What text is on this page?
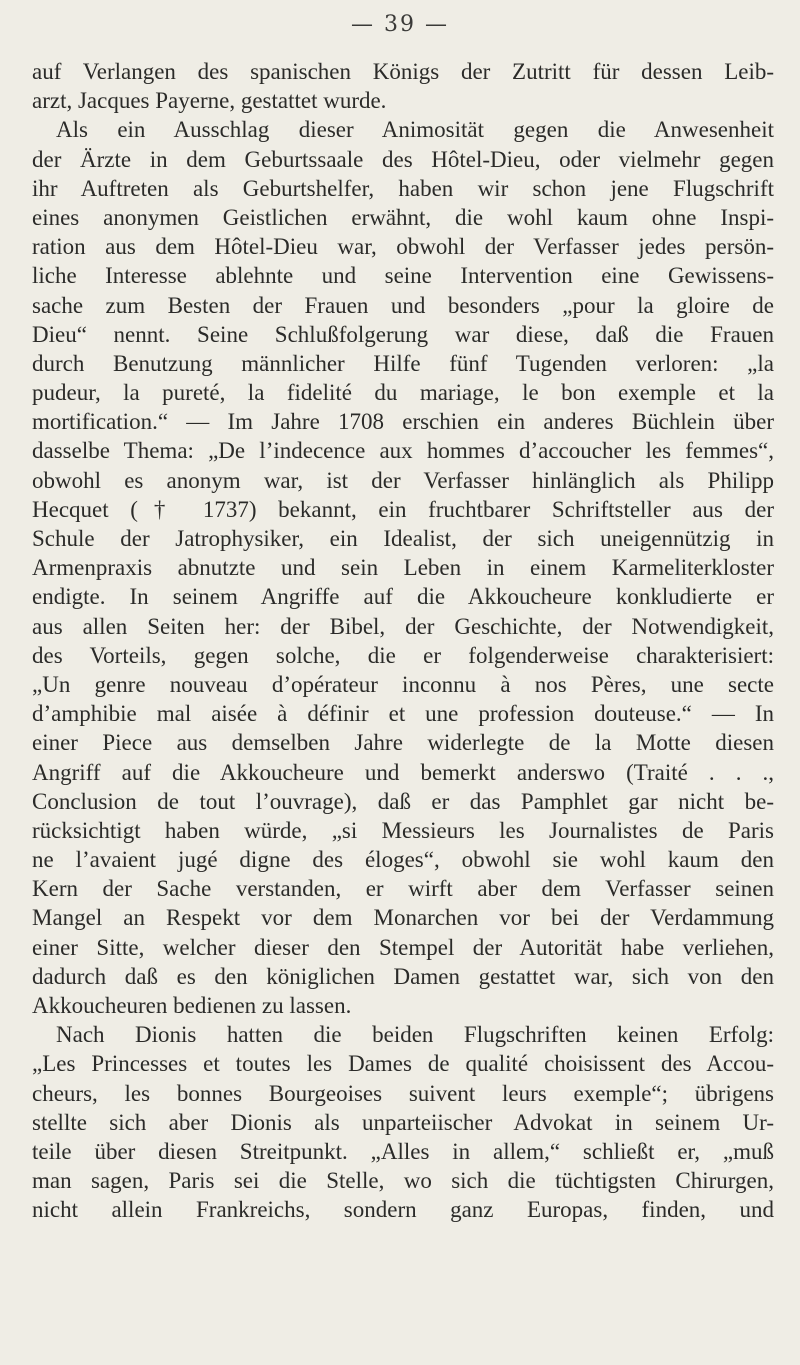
— 39 —
auf Verlangen des spanischen Königs der Zutritt für dessen Leib-
arzt, Jacques Payerne, gestattet wurde.
Als ein Ausschlag dieser Animosität gegen die Anwesenheit
der Ärzte in dem Geburtssaale des Hôtel-Dieu, oder vielmehr gegen
ihr Auftreten als Geburtshelfer, haben wir schon jene Flugschrift
eines anonymen Geistlichen erwähnt, die wohl kaum ohne Inspi-
ration aus dem Hôtel-Dieu war, obwohl der Verfasser jedes persön-
liche Interesse ablehnte und seine Intervention eine Gewissens-
sache zum Besten der Frauen und besonders „pour la gloire de
Dieu“ nennt. Seine Schlußfolgerung war diese, daß die Frauen
durch Benutzung männlicher Hilfe fünf Tugenden verloren: „la
pudeur, la pureté, la fidelité du mariage, le bon exemple et la
mortification.“ — Im Jahre 1708 erschien ein anderes Büchlein über
dasselbe Thema: „De l’indecence aux hommes d’accoucher les femmes“,
obwohl es anonym war, ist der Verfasser hinlänglich als Philipp
Hecquet († 1737) bekannt, ein fruchtbarer Schriftsteller aus der
Schule der Jatrophysiker, ein Idealist, der sich uneigennützig in
Armenpraxis abnutzte und sein Leben in einem Karmeliterkloster
endigte. In seinem Angriffe auf die Akkoucheure konkludierte er
aus allen Seiten her: der Bibel, der Geschichte, der Notwendigkeit,
des Vorteils, gegen solche, die er folgenderweise charakterisiert:
„Un genre nouveau d’opérateur inconnu à nos Pères, une secte
d’amphibie mal aisée à définir et une profession douteuse.“ — In
einer Piece aus demselben Jahre widerlegte de la Motte diesen
Angriff auf die Akkoucheure und bemerkt anderswo (Traité . . .,
Conclusion de tout l’ouvrage), daß er das Pamphlet gar nicht be-
rücksichtigt haben würde, „si Messieurs les Journalistes de Paris
ne l’avaient jugé digne des éloges“, obwohl sie wohl kaum den
Kern der Sache verstanden, er wirft aber dem Verfasser seinen
Mangel an Respekt vor dem Monarchen vor bei der Verdammung
einer Sitte, welcher dieser den Stempel der Autorität habe verliehen,
dadurch daß es den königlichen Damen gestattet war, sich von den
Akkoucheuren bedienen zu lassen.
Nach Dionis hatten die beiden Flugschriften keinen Erfolg:
„Les Princesses et toutes les Dames de qualité choisissent des Accou-
cheurs, les bonnes Bourgeoises suivent leurs exemple“; übrigens
stellte sich aber Dionis als unparteiischer Advokat in seinem Ur-
teile über diesen Streitpunkt. „Alles in allem,“ schließt er, „muß
man sagen, Paris sei die Stelle, wo sich die tüchtigsten Chirurgen,
nicht allein Frankreichs, sondern ganz Europas, finden, und
